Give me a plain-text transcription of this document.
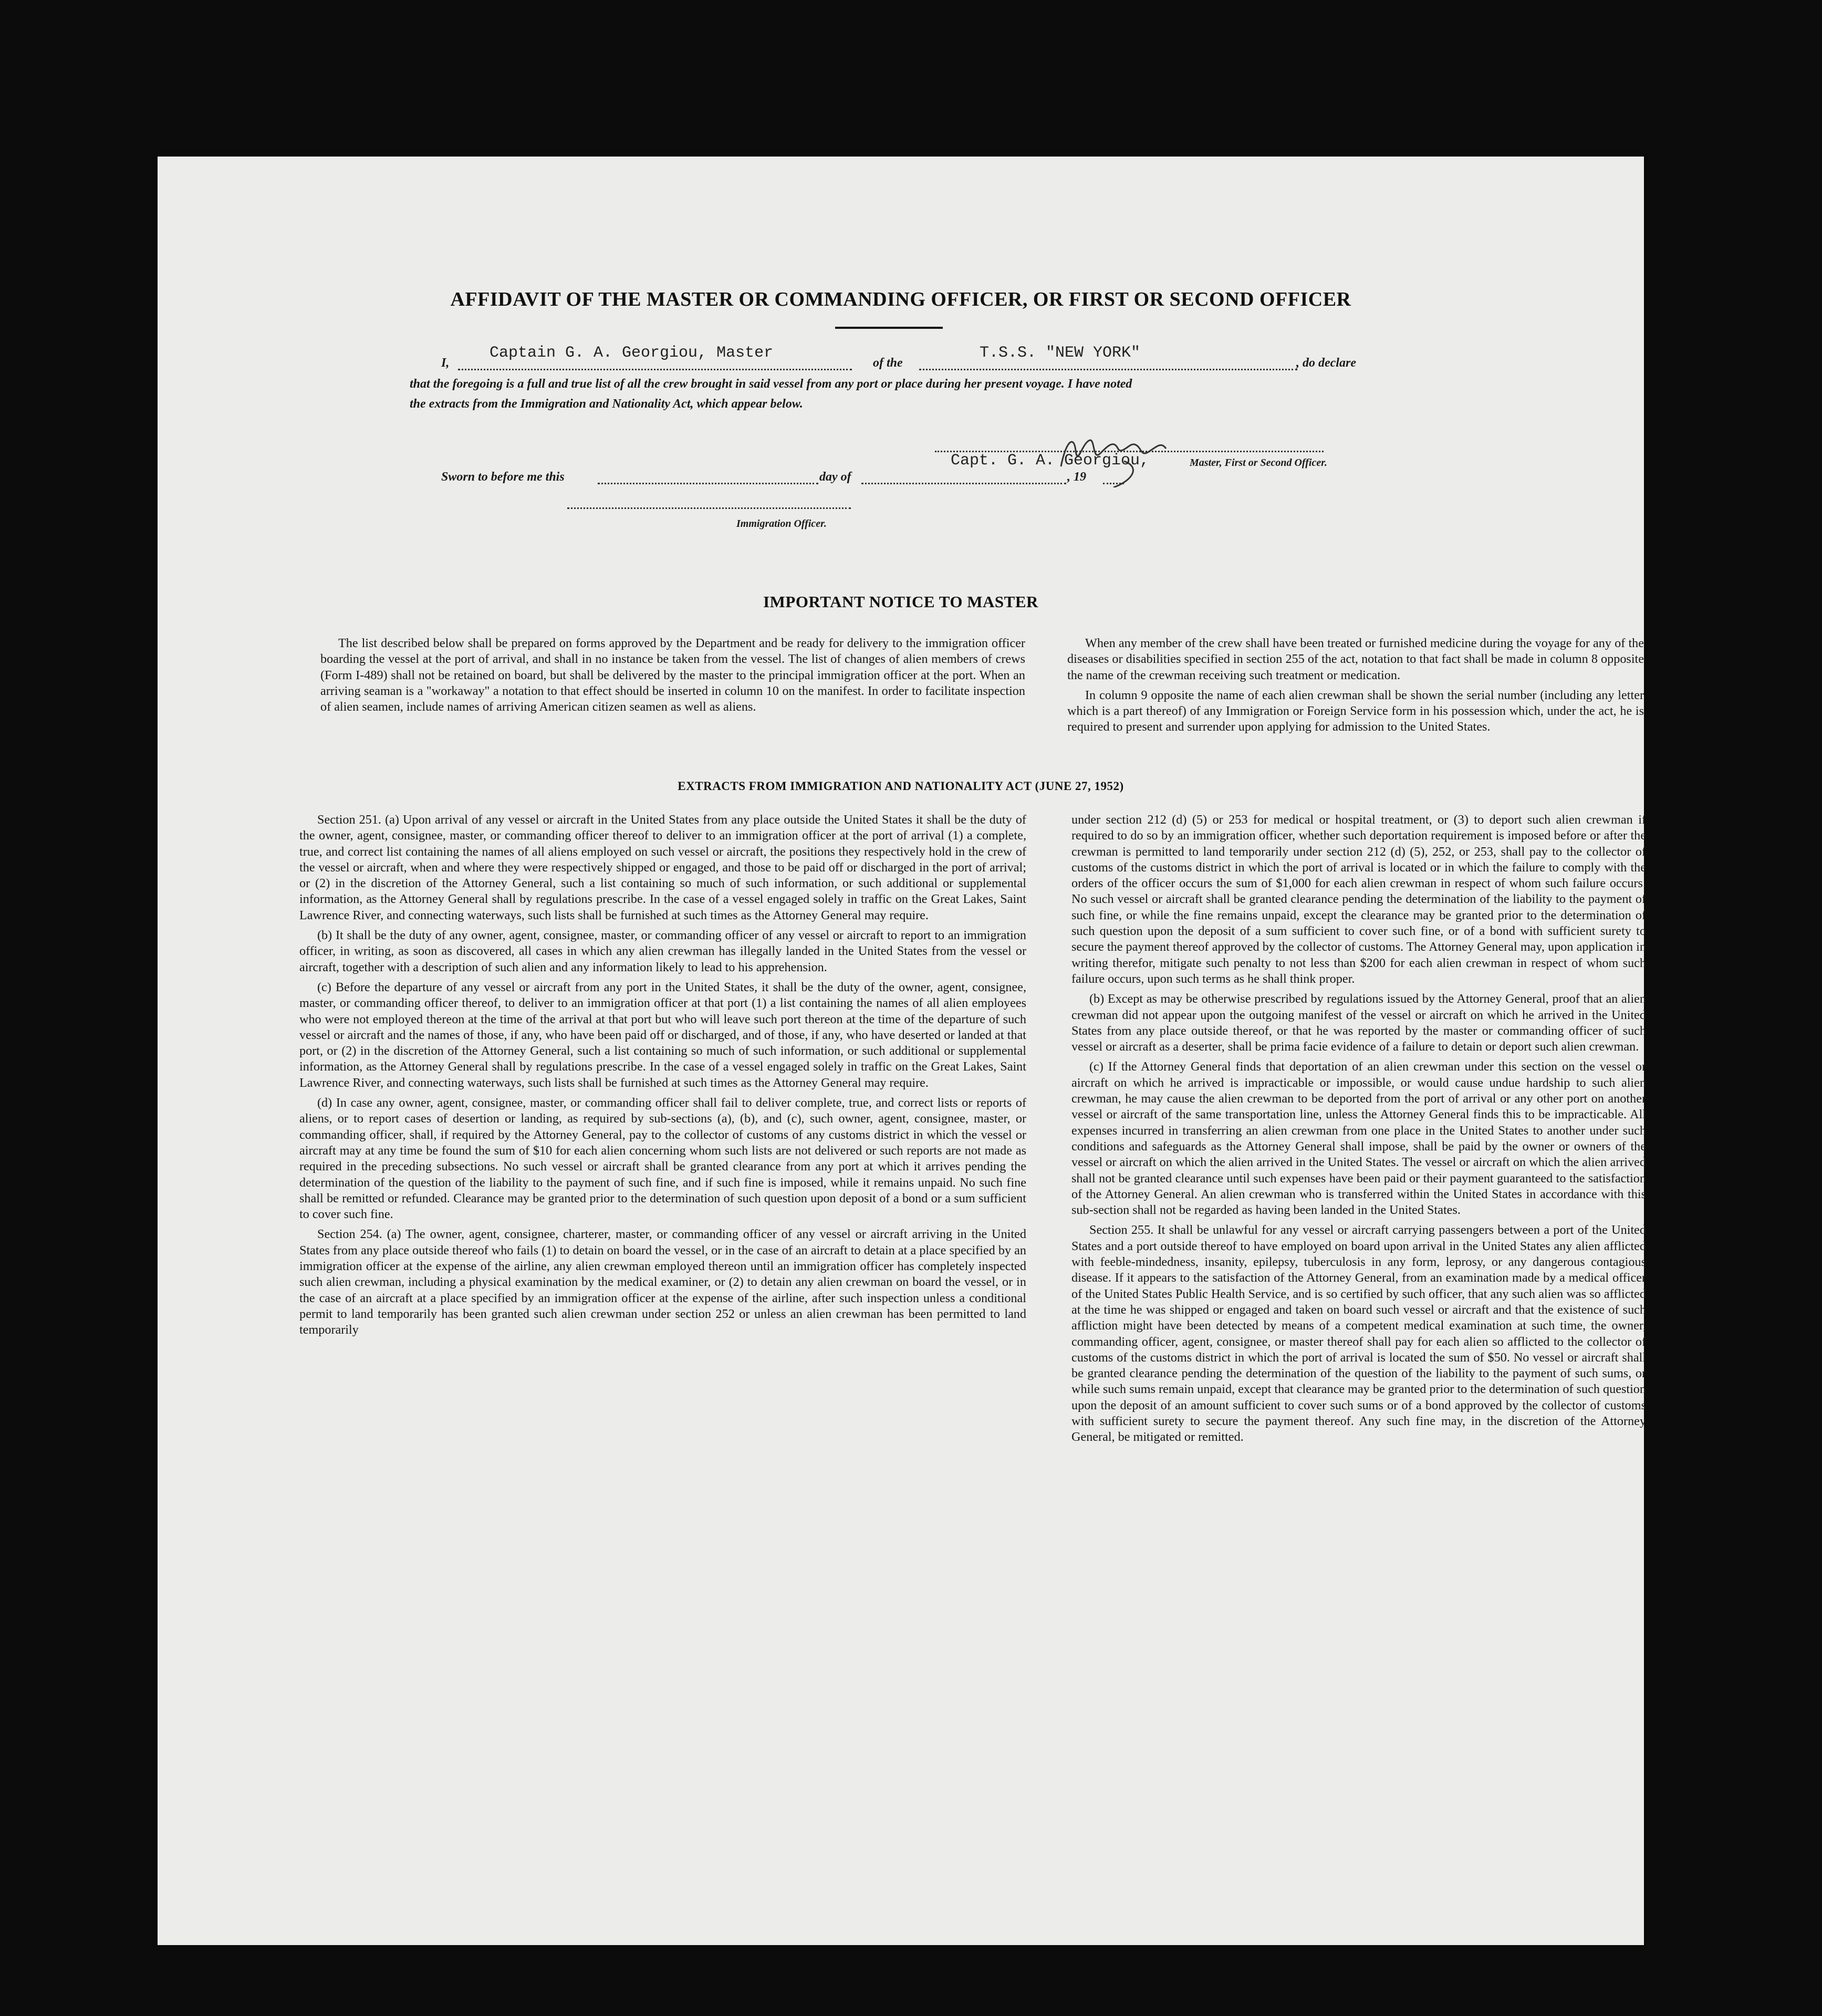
AFFIDAVIT OF THE MASTER OR COMMANDING OFFICER, OR FIRST OR SECOND OFFICER
I,
Captain G. A. Georgiou, Master
of the
T.S.S. "NEW YORK"
, do declare
that the foregoing is a full and true list of all the crew brought in said vessel from any port or place during her present voyage. I have noted
the extracts from the Immigration and Nationality Act, which appear below.
Capt. G. A. Georgiou,	Master, First or Second Officer.
Sworn to before me this	day of	, 19
Immigration Officer.
IMPORTANT NOTICE TO MASTER

The list described below shall be prepared on forms approved by the Department and be ready for delivery to the immigration officer boarding the vessel at the port of arrival, and shall in no instance be taken from the vessel. The list of changes of alien members of crews (Form I-489) shall not be retained on board, but shall be delivered by the master to the principal immigration officer at the port. When an arriving seaman is a "workaway" a notation to that effect should be inserted in column 10 on the manifest. In order to facilitate inspection of alien seamen, include names of arriving American citizen seamen as well as aliens.

When any member of the crew shall have been treated or furnished medicine during the voyage for any of the diseases or disabilities specified in section 255 of the act, notation to that fact shall be made in column 8 opposite the name of the crewman receiving such treatment or medication.

In column 9 opposite the name of each alien crewman shall be shown the serial number (including any letter which is a part thereof) of any Immigration or Foreign Service form in his possession which, under the act, he is required to present and surrender upon applying for admission to the United States.

EXTRACTS FROM IMMIGRATION AND NATIONALITY ACT (JUNE 27, 1952)

Section 251. (a) Upon arrival of any vessel or aircraft in the United States from any place outside the United States it shall be the duty of the owner, agent, consignee, master, or commanding officer thereof to deliver to an immigration officer at the port of arrival (1) a complete, true, and correct list containing the names of all aliens employed on such vessel or aircraft, the positions they respectively hold in the crew of the vessel or aircraft, when and where they were respectively shipped or engaged, and those to be paid off or discharged in the port of arrival; or (2) in the discretion of the Attorney General, such a list containing so much of such information, or such additional or supplemental information, as the Attorney General shall by regulations prescribe. In the case of a vessel engaged solely in traffic on the Great Lakes, Saint Lawrence River, and connecting waterways, such lists shall be furnished at such times as the Attorney General may require.

(b) It shall be the duty of any owner, agent, consignee, master, or commanding officer of any vessel or aircraft to report to an immigration officer, in writing, as soon as discovered, all cases in which any alien crewman has illegally landed in the United States from the vessel or aircraft, together with a description of such alien and any information likely to lead to his apprehension.

(c) Before the departure of any vessel or aircraft from any port in the United States, it shall be the duty of the owner, agent, consignee, master, or commanding officer thereof, to deliver to an immigration officer at that port (1) a list containing the names of all alien employees who were not employed thereon at the time of the arrival at that port but who will leave such port thereon at the time of the departure of such vessel or aircraft and the names of those, if any, who have been paid off or discharged, and of those, if any, who have deserted or landed at that port, or (2) in the discretion of the Attorney General, such a list containing so much of such information, or such additional or supplemental information, as the Attorney General shall by regulations prescribe. In the case of a vessel engaged solely in traffic on the Great Lakes, Saint Lawrence River, and connecting waterways, such lists shall be furnished at such times as the Attorney General may require.

(d) In case any owner, agent, consignee, master, or commanding officer shall fail to deliver complete, true, and correct lists or reports of aliens, or to report cases of desertion or landing, as required by sub-sections (a), (b), and (c), such owner, agent, consignee, master, or commanding officer, shall, if required by the Attorney General, pay to the collector of customs of any customs district in which the vessel or aircraft may at any time be found the sum of $10 for each alien concerning whom such lists are not delivered or such reports are not made as required in the preceding subsections. No such vessel or aircraft shall be granted clearance from any port at which it arrives pending the determination of the question of the liability to the payment of such fine, and if such fine is imposed, while it remains unpaid. No such fine shall be remitted or refunded. Clearance may be granted prior to the determination of such question upon deposit of a bond or a sum sufficient to cover such fine.

Section 254. (a) The owner, agent, consignee, charterer, master, or commanding officer of any vessel or aircraft arriving in the United States from any place outside thereof who fails (1) to detain on board the vessel, or in the case of an aircraft to detain at a place specified by an immigration officer at the expense of the airline, any alien crewman employed thereon until an immigration officer has completely inspected such alien crewman, including a physical examination by the medical examiner, or (2) to detain any alien crewman on board the vessel, or in the case of an aircraft at a place specified by an immigration officer at the expense of the airline, after such inspection unless a conditional permit to land temporarily has been granted such alien crewman under section 252 or unless an alien crewman has been permitted to land temporarily

under section 212 (d) (5) or 253 for medical or hospital treatment, or (3) to deport such alien crewman if required to do so by an immigration officer, whether such deportation requirement is imposed before or after the crewman is permitted to land temporarily under section 212 (d) (5), 252, or 253, shall pay to the collector of customs of the customs district in which the port of arrival is located or in which the failure to comply with the orders of the officer occurs the sum of $1,000 for each alien crewman in respect of whom such failure occurs. No such vessel or aircraft shall be granted clearance pending the determination of the liability to the payment of such fine, or while the fine remains unpaid, except the clearance may be granted prior to the determination of such question upon the deposit of a sum sufficient to cover such fine, or of a bond with sufficient surety to secure the payment thereof approved by the collector of customs. The Attorney General may, upon application in writing therefor, mitigate such penalty to not less than $200 for each alien crewman in respect of whom such failure occurs, upon such terms as he shall think proper.

(b) Except as may be otherwise prescribed by regulations issued by the Attorney General, proof that an alien crewman did not appear upon the outgoing manifest of the vessel or aircraft on which he arrived in the United States from any place outside thereof, or that he was reported by the master or commanding officer of such vessel or aircraft as a deserter, shall be prima facie evidence of a failure to detain or deport such alien crewman.

(c) If the Attorney General finds that deportation of an alien crewman under this section on the vessel or aircraft on which he arrived is impracticable or impossible, or would cause undue hardship to such alien crewman, he may cause the alien crewman to be deported from the port of arrival or any other port on another vessel or aircraft of the same transportation line, unless the Attorney General finds this to be impracticable. All expenses incurred in transferring an alien crewman from one place in the United States to another under such conditions and safeguards as the Attorney General shall impose, shall be paid by the owner or owners of the vessel or aircraft on which the alien arrived in the United States. The vessel or aircraft on which the alien arrived shall not be granted clearance until such expenses have been paid or their payment guaranteed to the satisfaction of the Attorney General. An alien crewman who is transferred within the United States in accordance with this sub-section shall not be regarded as having been landed in the United States.

Section 255. It shall be unlawful for any vessel or aircraft carrying passengers between a port of the United States and a port outside thereof to have employed on board upon arrival in the United States any alien afflicted with feeble-mindedness, insanity, epilepsy, tuberculosis in any form, leprosy, or any dangerous contagious disease. If it appears to the satisfaction of the Attorney General, from an examination made by a medical officer of the United States Public Health Service, and is so certified by such officer, that any such alien was so afflicted at the time he was shipped or engaged and taken on board such vessel or aircraft and that the existence of such affliction might have been detected by means of a competent medical examination at such time, the owner, commanding officer, agent, consignee, or master thereof shall pay for each alien so afflicted to the collector of customs of the customs district in which the port of arrival is located the sum of $50. No vessel or aircraft shall be granted clearance pending the determination of the question of the liability to the payment of such sums, or while such sums remain unpaid, except that clearance may be granted prior to the determination of such question upon the deposit of an amount sufficient to cover such sums or of a bond approved by the collector of customs with sufficient surety to secure the payment thereof. Any such fine may, in the discretion of the Attorney General, be mitigated or remitted.
